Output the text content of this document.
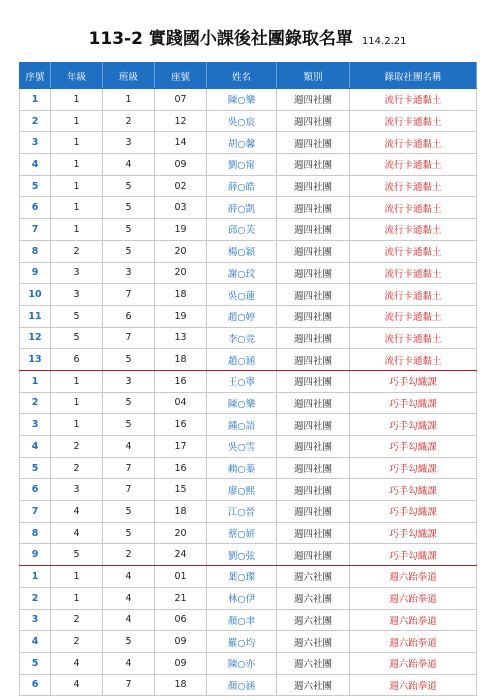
113-2 實踐國小課後社團錄取名單 114.2.21
序號	年級	班級	座號	姓名	類別	錄取社團名稱
1	1	1	07	陳○樂	週四社團	流行卡通黏土
2	1	2	12	吳○宸	週四社團	流行卡通黏土
3	1	3	14	胡○馨	週四社團	流行卡通黏土
4	1	4	09	劉○甯	週四社團	流行卡通黏土
5	1	5	02	薛○皓	週四社團	流行卡通黏土
6	1	5	03	薛○凱	週四社團	流行卡通黏土
7	1	5	19	邱○芙	週四社團	流行卡通黏土
8	2	5	20	楊○穎	週四社團	流行卡通黏土
9	3	3	20	謝○玟	週四社團	流行卡通黏土
10	3	7	18	吳○蓮	週四社團	流行卡通黏土
11	5	6	19	趙○婷	週四社團	流行卡通黏土
12	5	7	13	李○竞	週四社團	流行卡通黏土
13	6	5	18	趙○涵	週四社團	流行卡通黏土
1	1	3	16	王○寧	週四社團	巧手勾織課
2	1	5	04	陳○樂	週四社團	巧手勾織課
3	1	5	16	鍾○語	週四社團	巧手勾織課
4	2	4	17	吳○雪	週四社團	巧手勾織課
5	2	7	16	賴○蓁	週四社團	巧手勾織課
6	3	7	15	廖○熙	週四社團	巧手勾織課
7	4	5	18	江○晉	週四社團	巧手勾織課
8	4	5	20	蔡○妍	週四社團	巧手勾織課
9	5	2	24	劉○弦	週四社團	巧手勾織課
1	1	4	01	葉○璨	週六社團	週六跆拳道
2	1	4	21	林○伊	週六社團	週六跆拳道
3	2	4	06	顏○聿	週六社團	週六跆拳道
4	2	5	09	羅○均	週六社團	週六跆拳道
5	4	4	09	陳○亦	週六社團	週六跆拳道
6	4	7	18	顏○涵	週六社團	週六跆拳道
